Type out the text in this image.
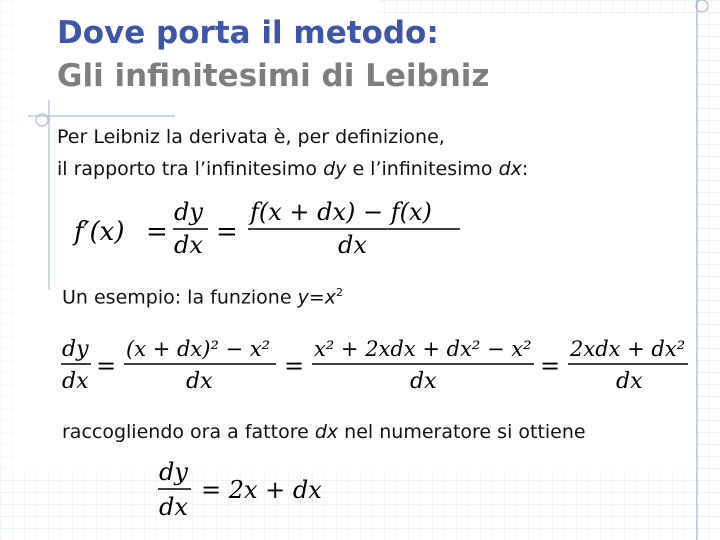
Dove porta il metodo:
Gli infinitesimi di Leibniz
Per Leibniz la derivata è, per definizione,
il rapporto tra l’infinitesimo dy e l’infinitesimo dx:
f′(x) =
dy
dx =
f(x + dx) − f(x)
dx
Un esempio: la funzione $y=x^2$
dy
dx
=
(x + dx)² − x²
dx
=
x² + 2xdx + dx² − x²
dx
=
2xdx + dx²
dx
raccogliendo ora a fattore dx nel numeratore si ottiene
dy
dx
= 2x + dx
